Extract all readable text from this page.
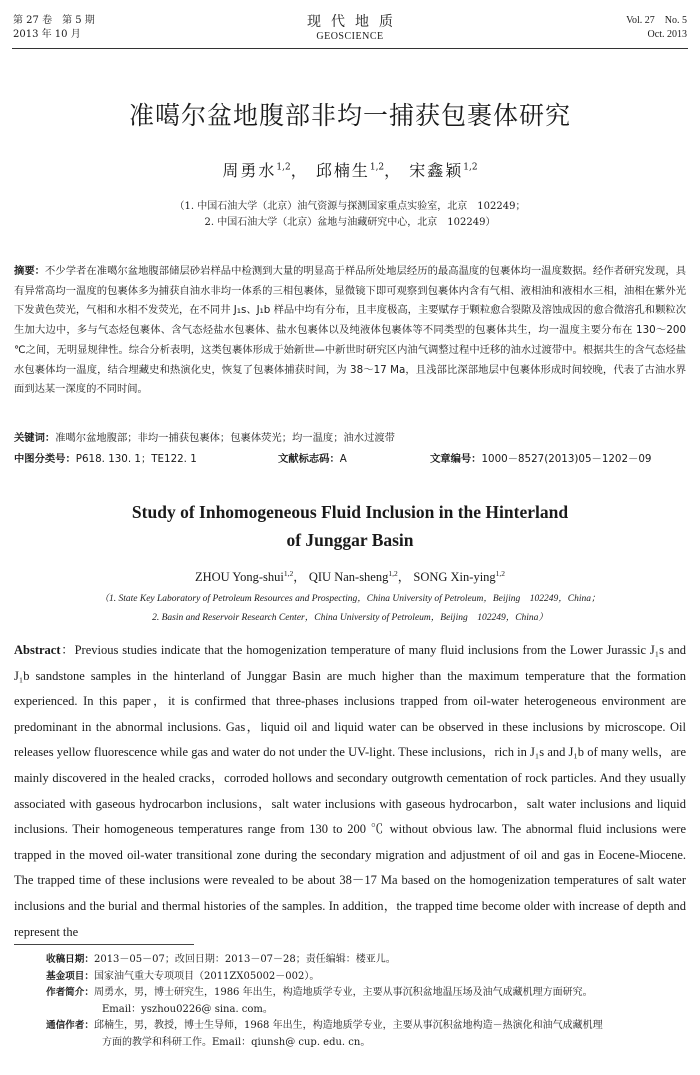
第 27 卷　第 5 期
2013 年 10 月
现代地质
GEOSCIENCE
Vol. 27　No. 5
Oct. 2013
准噶尔盆地腹部非均一捕获包裹体研究
周勇水$^{1,2}$， 邱楠生$^{1,2}$， 宋鑫颖$^{1,2}$
（1. 中国石油大学（北京）油气资源与探测国家重点实验室，北京　102249；
2. 中国石油大学（北京）盆地与油藏研究中心，北京　102249）
摘要：不少学者在准噶尔盆地腹部储层砂岩样品中检测到大量的明显高于样品所处地层经历的最高温度的包裹体均一温度数据。经作者研究发现，具有异常高均一温度的包裹体多为捕获自油水非均一体系的三相包裹体，显微镜下即可观察到包裹体内含有气相、液相油和液相水三相，油相在紫外光下发黄色荧光，气相和水相不发荧光，在不同井 J₁s、J₁b 样品中均有分布，且丰度极高，主要赋存于颗粒愈合裂隙及溶蚀成因的愈合微溶孔和颗粒次生加大边中，多与气态烃包裹体、含气态烃盐水包裹体、盐水包裹体以及纯液体包裹体等不同类型的包裹体共生，均一温度主要分布在 130～200 ℃之间，无明显规律性。综合分析表明，这类包裹体形成于始新世—中新世时研究区内油气调整过程中迁移的油水过渡带中。根据共生的含气态烃盐水包裹体均一温度，结合埋藏史和热演化史，恢复了包裹体捕获时间，为 38～17 Ma，且浅部比深部地层中包裹体形成时间较晚，代表了古油水界面到达某一深度的不同时间。
关键词：准噶尔盆地腹部；非均一捕获包裹体；包裹体荧光；均一温度；油水过渡带
中图分类号：P618. 130. 1；TE122. 1	文献标志码：A	文章编号：1000－8527(2013)05－1202－09
Study of Inhomogeneous Fluid Inclusion in the Hinterland
of Junggar Basin
ZHOU Yong-shui$^{1,2}$， QIU Nan-sheng$^{1,2}$， SONG Xin-ying$^{1,2}$
（1. State Key Laboratory of Petroleum Resources and Prospecting，China University of Petroleum，Beijing　102249，China；
2. Basin and Reservoir Research Center，China University of Petroleum，Beijing　102249，China）
Abstract：Previous studies indicate that the homogenization temperature of many fluid inclusions from the Lower Jurassic J₁s and J₁b sandstone samples in the hinterland of Junggar Basin are much higher than the maximum temperature that the formation experienced. In this paper，it is confirmed that three-phases inclusions trapped from oil-water heterogeneous environment are predominant in the abnormal inclusions. Gas，liquid oil and liquid water can be observed in these inclusions by microscope. Oil releases yellow fluorescence while gas and water do not under the UV-light. These inclusions，rich in J₁s and J₁b of many wells，are mainly discovered in the healed cracks，corroded hollows and secondary outgrowth cementation of rock particles. And they usually associated with gaseous hydrocarbon inclusions，salt water inclusions with gaseous hydrocarbon，salt water inclusions and liquid inclusions. Their homogeneous temperatures range from 130 to 200 ℃ without obvious law. The abnormal fluid inclusions were trapped in the moved oil-water transitional zone during the secondary migration and adjustment of oil and gas in Eocene-Miocene. The trapped time of these inclusions were revealed to be about 38－17 Ma based on the homogenization temperatures of salt water inclusions and the burial and thermal histories of the samples. In addition，the trapped time become older with increase of depth and represent the
收稿日期： 2013－05－07；改回日期：2013－07－28；责任编辑：楼亚儿。
基金项目： 国家油气重大专项项目（2011ZX05002－002）。
作者简介： 周勇水，男，博士研究生，1986 年出生，构造地质学专业，主要从事沉积盆地温压场及油气成藏机理方面研究。
Email：yszhou0226@ sina. com。
通信作者： 邱楠生，男，教授，博士生导师，1968 年出生，构造地质学专业，主要从事沉积盆地构造－热演化和油气成藏机理
方面的教学和科研工作。Email：qiunsh@ cup. edu. cn。
